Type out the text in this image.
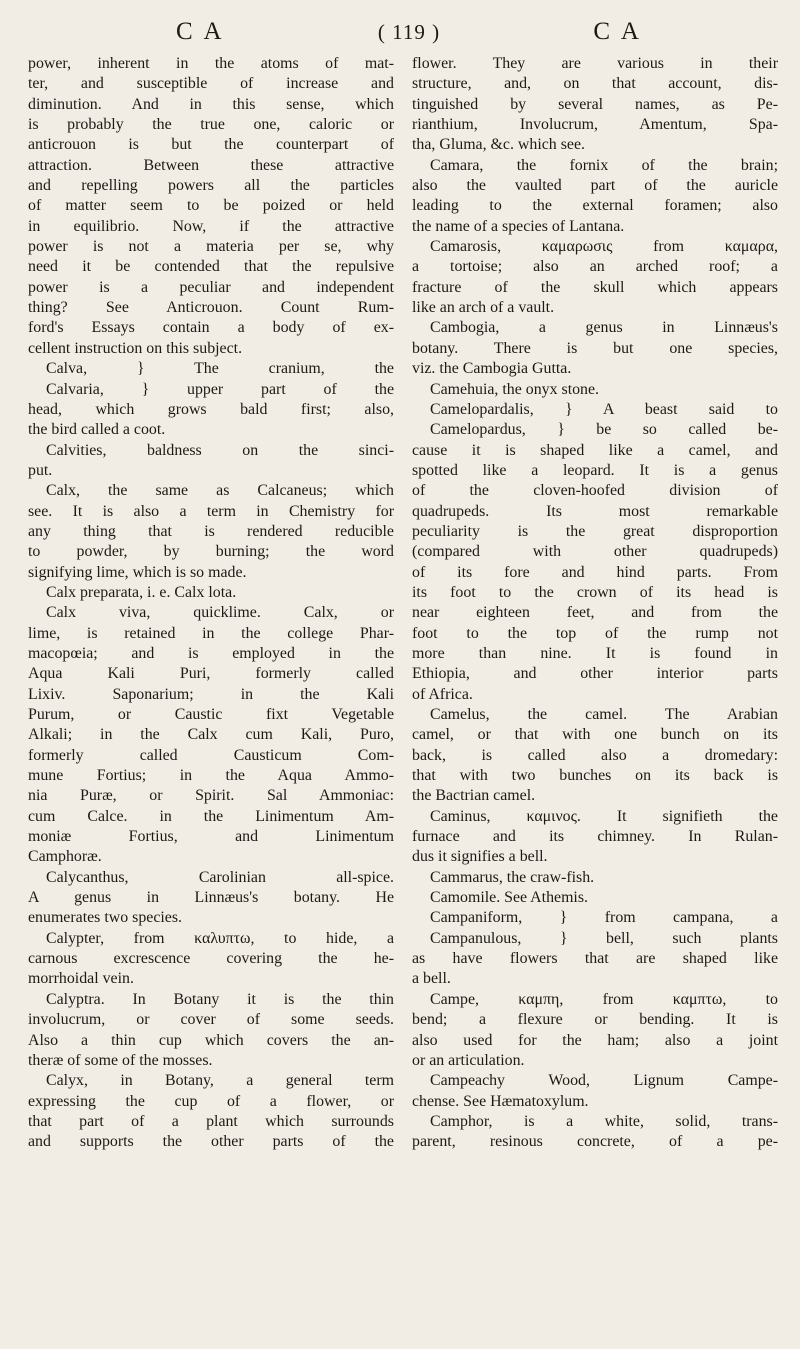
C A	( 119 )	C A
power, inherent in the atoms of mat-
ter, and susceptible of increase and
diminution. And in this sense, which
is probably the true one, caloric or
anticrouon is but the counterpart of
attraction. Between these attractive
and repelling powers all the particles
of matter seem to be poized or held
in equilibrio. Now, if the attractive
power is not a materia per se, why
need it be contended that the repulsive
power is a peculiar and independent
thing? See Anticrouon. Count Rum-
ford's Essays contain a body of ex-
cellent instruction on this subject.
Calva, } The cranium, the
Calvaria, } upper part of the
head, which grows bald first; also,
the bird called a coot.
Calvities, baldness on the sinci-
put.
Calx, the same as Calcaneus; which
see. It is also a term in Chemistry for
any thing that is rendered reducible
to powder, by burning; the word
signifying lime, which is so made.
Calx preparata, i. e. Calx lota.
Calx viva, quicklime. Calx, or
lime, is retained in the college Phar-
macopœia; and is employed in the
Aqua Kali Puri, formerly called
Lixiv. Saponarium; in the Kali
Purum, or Caustic fixt Vegetable
Alkali; in the Calx cum Kali, Puro,
formerly called Causticum Com-
mune Fortius; in the Aqua Ammo-
nia Puræ, or Spirit. Sal Ammoniac:
cum Calce. in the Linimentum Am-
moniæ Fortius, and Linimentum
Camphoræ.
Calycanthus, Carolinian all-spice.
A genus in Linnæus's botany. He
enumerates two species.
Calypter, from καλυπτω, to hide, a
carnous excrescence covering the he-
morrhoidal vein.
Calyptra. In Botany it is the thin
involucrum, or cover of some seeds.
Also a thin cup which covers the an-
theræ of some of the mosses.
Calyx, in Botany, a general term
expressing the cup of a flower, or
that part of a plant which surrounds
and supports the other parts of the
flower. They are various in their
structure, and, on that account, dis-
tinguished by several names, as Pe-
rianthium, Involucrum, Amentum, Spa-
tha, Gluma, &c. which see.
Camara, the fornix of the brain;
also the vaulted part of the auricle
leading to the external foramen; also
the name of a species of Lantana.
Camarosis, καμαρωσις from καμαρα,
a tortoise; also an arched roof; a
fracture of the skull which appears
like an arch of a vault.
Cambogia, a genus in Linnæus's
botany. There is but one species,
viz. the Cambogia Gutta.
Camehuia, the onyx stone.
Camelopardalis, } A beast said to
Camelopardus, } be so called be-
cause it is shaped like a camel, and
spotted like a leopard. It is a genus
of the cloven-hoofed division of
quadrupeds. Its most remarkable
peculiarity is the great disproportion
(compared with other quadrupeds)
of its fore and hind parts. From
its foot to the crown of its head is
near eighteen feet, and from the
foot to the top of the rump not
more than nine. It is found in
Ethiopia, and other interior parts
of Africa.
Camelus, the camel. The Arabian
camel, or that with one bunch on its
back, is called also a dromedary:
that with two bunches on its back is
the Bactrian camel.
Caminus, καμινος. It signifieth the
furnace and its chimney. In Rulan-
dus it signifies a bell.
Cammarus, the craw-fish.
Camomile. See Athemis.
Campaniform, } from campana, a
Campanulous, } bell, such plants
as have flowers that are shaped like
a bell.
Campe, καμπη, from καμπτω, to
bend; a flexure or bending. It is
also used for the ham; also a joint
or an articulation.
Campeachy Wood, Lignum Campe-
chense. See Hæmatoxylum.
Camphor, is a white, solid, trans-
parent, resinous concrete, of a pe-
